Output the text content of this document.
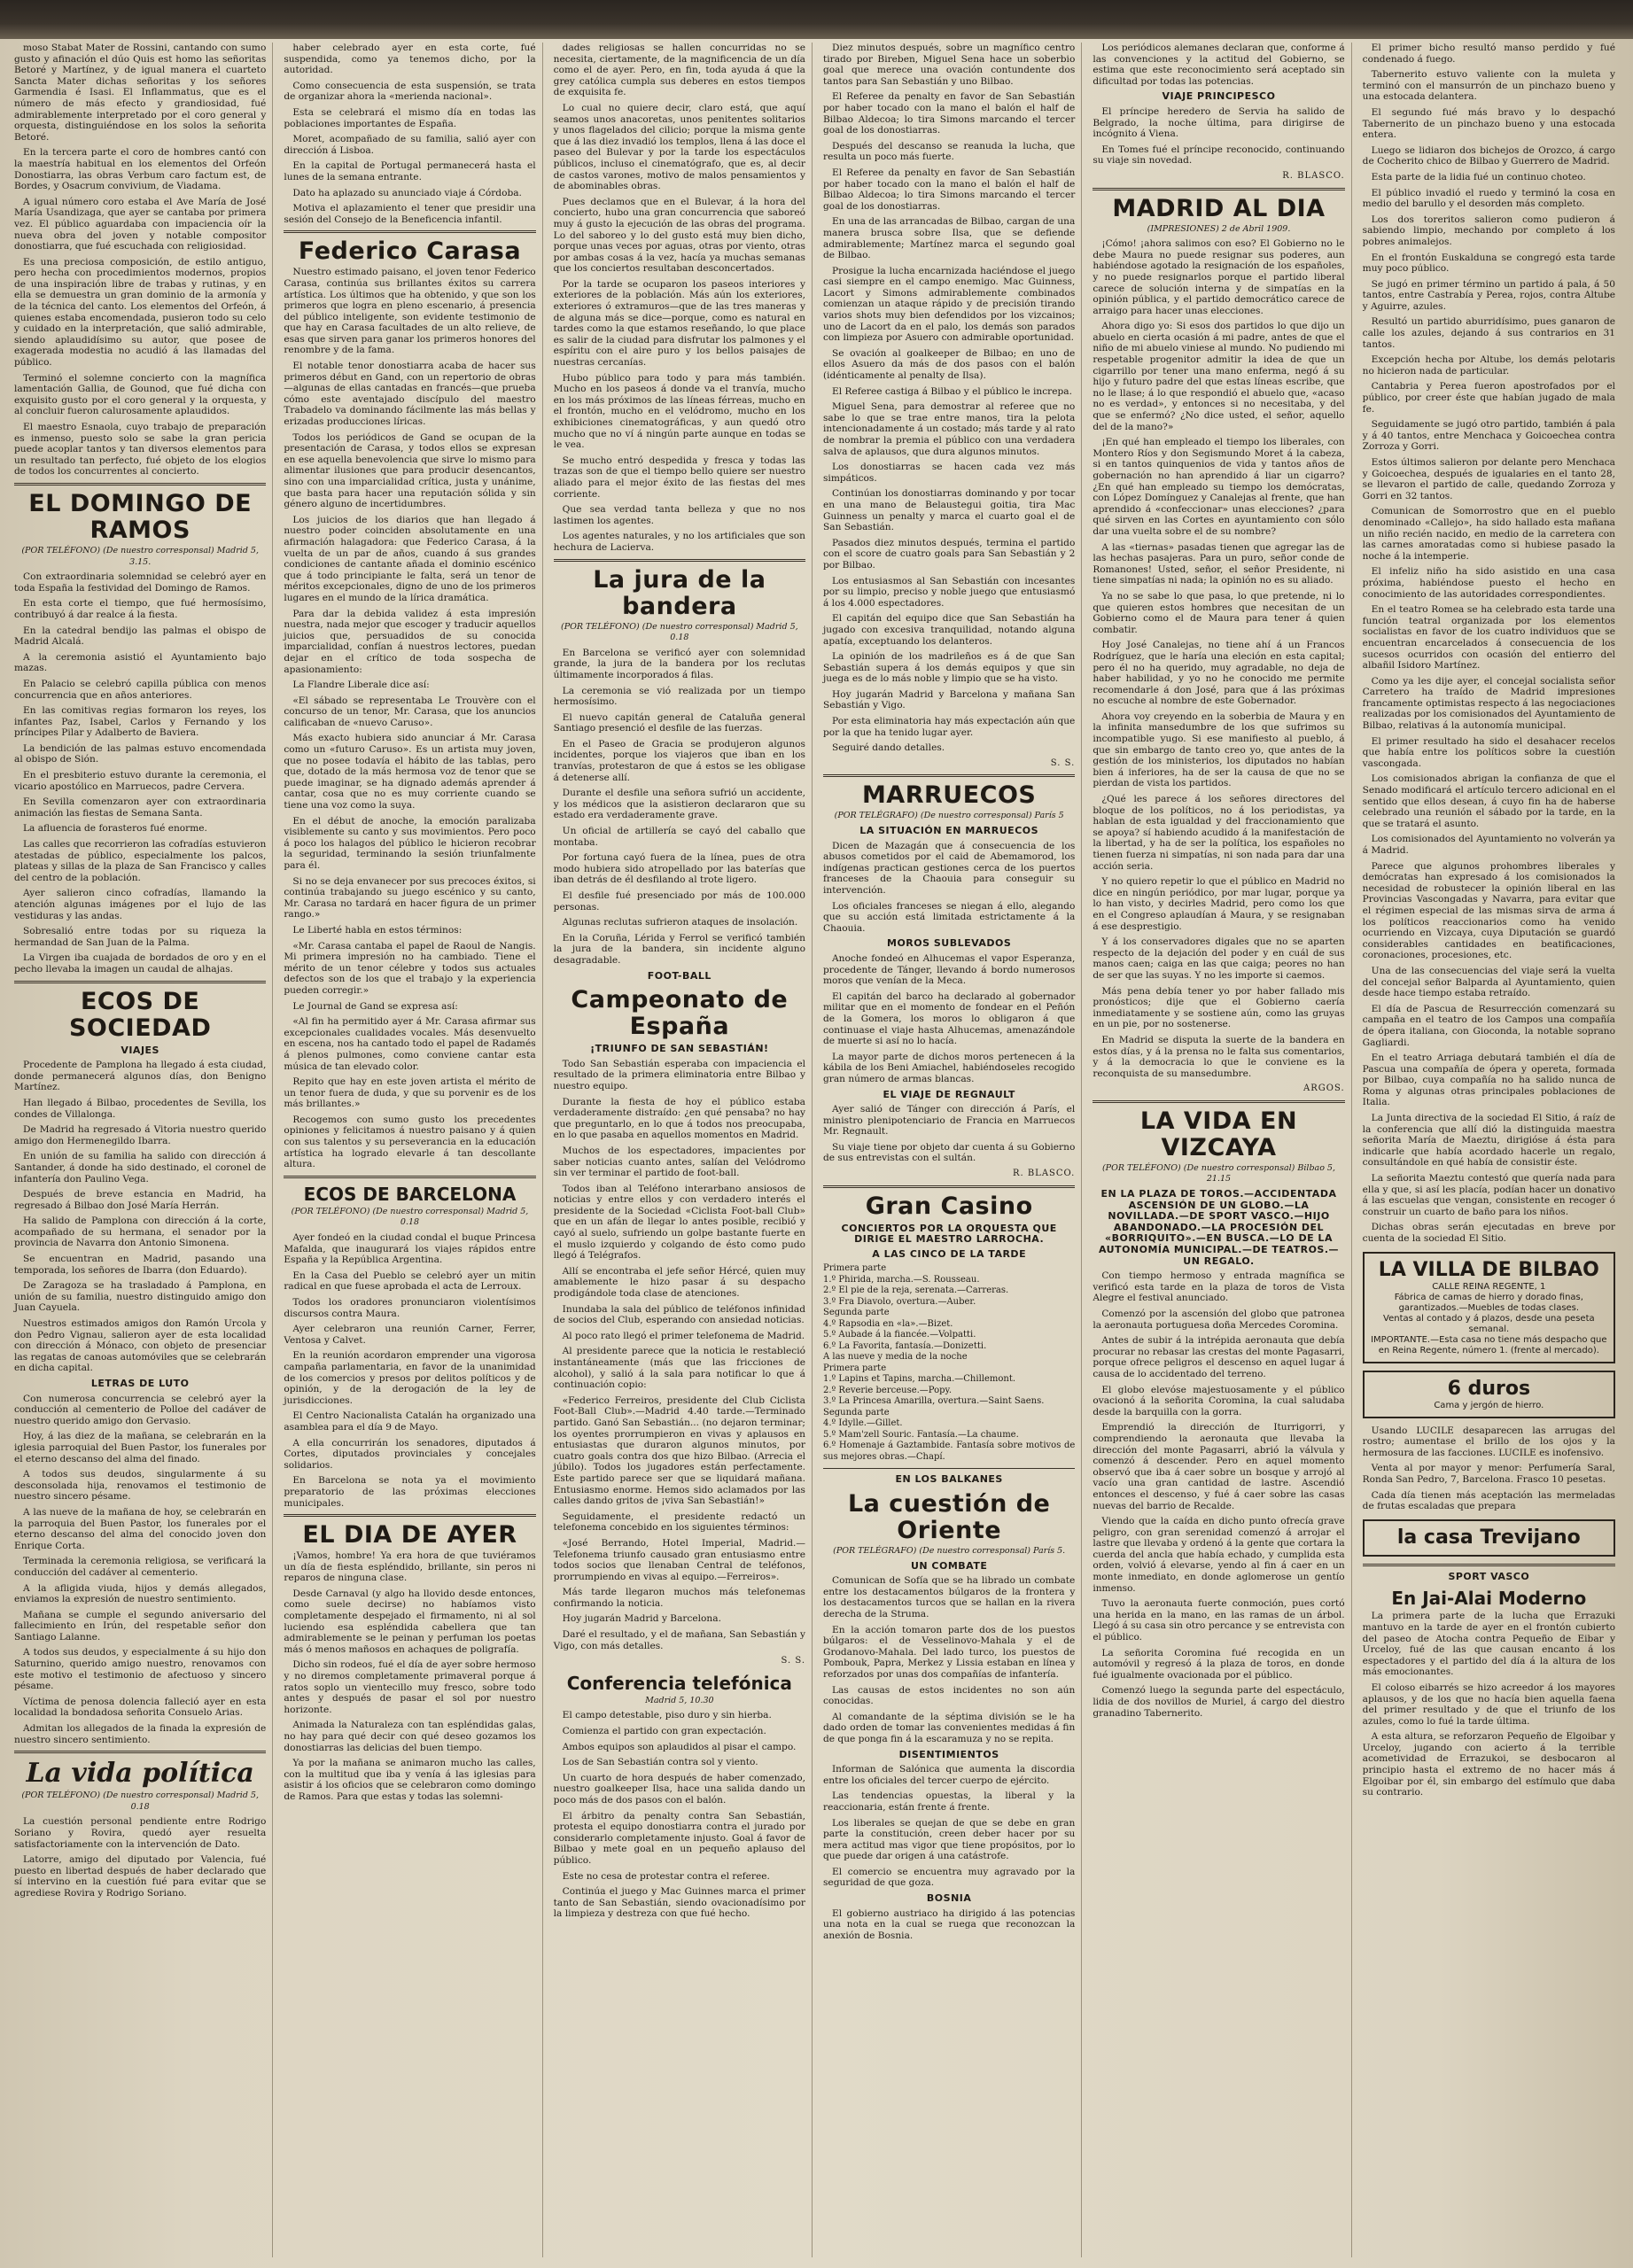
moso Stabat Mater de Rossini, cantando con sumo gusto y afinación el dúo Quis est homo las señoritas Betoré y Martínez, y de igual manera el cuarteto Sancta Mater dichas señoritas y los señores Garmendia é Isasi. El Inflammatus, que es el número de más efecto y grandiosidad, fué admirablemente interpretado por el coro general y orquesta, distinguiéndose en los solos la señorita Betoré.

En la tercera parte el coro de hombres cantó con la maestría habitual en los elementos del Orfeón Donostiarra, las obras Verbum caro factum est, de Bordes, y Osacrum convivium, de Viadama.

A igual número coro estaba el Ave María de José María Usandizaga, que ayer se cantaba por primera vez. El público aguardaba con impaciencia oír la nueva obra del joven y notable compositor donostiarra, que fué escuchada con religiosidad.

Es una preciosa composición, de estilo antiguo, pero hecha con procedimientos modernos, propios de una inspiración libre de trabas y rutinas, y en ella se demuestra un gran dominio de la armonía y de la técnica del canto. Los elementos del Orfeón, á quienes estaba encomendada, pusieron todo su celo y cuidado en la interpretación, que salió admirable, siendo aplaudidísimo su autor, que posee de exagerada modestia no acudió á las llamadas del público.

Terminó el solemne concierto con la magnífica lamentación Gallia, de Gounod, que fué dicha con exquisito gusto por el coro general y la orquesta, y al concluir fueron calurosamente aplaudidos.

El maestro Esnaola, cuyo trabajo de preparación es inmenso, puesto solo se sabe la gran pericia puede acoplar tantos y tan diversos elementos para un resultado tan perfecto, fué objeto de los elogios de todos los concurrentes al concierto.

EL DOMINGO DE RAMOS
(POR TELÉFONO) (De nuestro corresponsal) Madrid 5, 3.15.

Con extraordinaria solemnidad se celebró ayer en toda España la festividad del Domingo de Ramos.

En esta corte el tiempo, que fué hermosísimo, contribuyó á dar realce á la fiesta.

En la catedral bendijo las palmas el obispo de Madrid Alcalá.

A la ceremonia asistió el Ayuntamiento bajo mazas.

En Palacio se celebró capilla pública con menos concurrencia que en años anteriores.

En las comitivas regias formaron los reyes, los infantes Paz, Isabel, Carlos y Fernando y los príncipes Pilar y Adalberto de Baviera.

La bendición de las palmas estuvo encomendada al obispo de Sión.

En el presbiterio estuvo durante la ceremonia, el vicario apostólico en Marruecos, padre Cervera.

En Sevilla comenzaron ayer con extraordinaria animación las fiestas de Semana Santa.

La afluencia de forasteros fué enorme.

Las calles que recorrieron las cofradías estuvieron atestadas de público, especialmente los palcos, plateas y sillas de la plaza de San Francisco y calles del centro de la población.

Ayer salieron cinco cofradías, llamando la atención algunas imágenes por el lujo de las vestiduras y las andas.

Sobresalió entre todas por su riqueza la hermandad de San Juan de la Palma.

La Virgen iba cuajada de bordados de oro y en el pecho llevaba la imagen un caudal de alhajas.

ECOS DE SOCIEDAD
VIAJES

Procedente de Pamplona ha llegado á esta ciudad, donde permanecerá algunos días, don Benigno Martínez.

Han llegado á Bilbao, procedentes de Sevilla, los condes de Villalonga.

De Madrid ha regresado á Vitoria nuestro querido amigo don Hermenegildo Ibarra.

En unión de su familia ha salido con dirección á Santander, á donde ha sido destinado, el coronel de infantería don Paulino Vega.

Después de breve estancia en Madrid, ha regresado á Bilbao don José María Herrán.

Ha salido de Pamplona con dirección á la corte, acompañado de su hermana, el senador por la provincia de Navarra don Antonio Simonena.

Se encuentran en Madrid, pasando una temporada, los señores de Ibarra (don Eduardo).

De Zaragoza se ha trasladado á Pamplona, en unión de su familia, nuestro distinguido amigo don Juan Cayuela.

Nuestros estimados amigos don Ramón Urcola y don Pedro Vignau, salieron ayer de esta localidad con dirección á Mónaco, con objeto de presenciar las regatas de canoas automóviles que se celebrarán en dicha capital.

LETRAS DE LUTO

Con numerosa concurrencia se celebró ayer la conducción al cementerio de Polloe del cadáver de nuestro querido amigo don Gervasio.

Hoy, á las diez de la mañana, se celebrarán en la iglesia parroquial del Buen Pastor, los funerales por el eterno descanso del alma del finado.

A todos sus deudos, singularmente á su desconsolada hija, renovamos el testimonio de nuestro sincero pésame.

A las nueve de la mañana de hoy, se celebrarán en la parroquia del Buen Pastor, los funerales por el eterno descanso del alma del conocido joven don Enrique Corta.

Terminada la ceremonia religiosa, se verificará la conducción del cadáver al cementerio.

A la afligida viuda, hijos y demás allegados, enviamos la expresión de nuestro sentimiento.

Mañana se cumple el segundo aniversario del fallecimiento en Irún, del respetable señor don Santiago Lalanne.

A todos sus deudos, y especialmente á su hijo don Saturnino, querido amigo nuestro, renovamos con este motivo el testimonio de afectuoso y sincero pésame.

Víctima de penosa dolencia falleció ayer en esta localidad la bondadosa señorita Consuelo Arias.

Admitan los allegados de la finada la expresión de nuestro sincero sentimiento.

La vida política
(POR TELÉFONO) (De nuestro corresponsal) Madrid 5, 0.18

La cuestión personal pendiente entre Rodrigo Soriano y Rovira, quedó ayer resuelta satisfactoriamente con la intervención de Dato.

Latorre, amigo del diputado por Valencia, fué puesto en libertad después de haber declarado que sí intervino en la cuestión fué para evitar que se agrediese Rovira y Rodrigo Soriano.

haber celebrado ayer en esta corte, fué suspendida, como ya tenemos dicho, por la autoridad.

Como consecuencia de esta suspensión, se trata de organizar ahora la «merienda nacional».

Esta se celebrará el mismo día en todas las poblaciones importantes de España.

Moret, acompañado de su familia, salió ayer con dirección á Lisboa.

En la capital de Portugal permanecerá hasta el lunes de la semana entrante.

Dato ha aplazado su anunciado viaje á Córdoba.

Motiva el aplazamiento el tener que presidir una sesión del Consejo de la Beneficencia infantil.

Federico Carasa

Nuestro estimado paisano, el joven tenor Federico Carasa, continúa sus brillantes éxitos su carrera artística. Los últimos que ha obtenido, y que son los primeros que logra en pleno escenario, á presencia del público inteligente, son evidente testimonio de que hay en Carasa facultades de un alto relieve, de esas que sirven para ganar los primeros honores del renombre y de la fama.

El notable tenor donostiarra acaba de hacer sus primeros début en Gand, con un repertorio de obras—algunas de ellas cantadas en francés—que prueba cómo este aventajado discípulo del maestro Trabadelo va dominando fácilmente las más bellas y erizadas producciones líricas.

Todos los periódicos de Gand se ocupan de la presentación de Carasa, y todos ellos se expresan en ese aquella benevolencia que sirve lo mismo para alimentar ilusiones que para producir desencantos, sino con una imparcialidad crítica, justa y unánime, que basta para hacer una reputación sólida y sin género alguno de incertidumbres.

Los juicios de los diarios que han llegado á nuestro poder coinciden absolutamente en una afirmación halagadora: que Federico Carasa, á la vuelta de un par de años, cuando á sus grandes condiciones de cantante añada el dominio escénico que á todo principiante le falta, será un tenor de méritos excepcionales, digno de uno de los primeros lugares en el mundo de la lírica dramática.

Para dar la debida validez á esta impresión nuestra, nada mejor que escoger y traducir aquellos juicios que, persuadidos de su conocida imparcialidad, confían á nuestros lectores, puedan dejar en el crítico de toda sospecha de apasionamiento:

La Flandre Liberale dice así:

«El sábado se representaba Le Trouvère con el concurso de un tenor, Mr. Carasa, que los anuncios calificaban de «nuevo Caruso».

Más exacto hubiera sido anunciar á Mr. Carasa como un «futuro Caruso». Es un artista muy joven, que no posee todavía el hábito de las tablas, pero que, dotado de la más hermosa voz de tenor que se puede imaginar, se ha dignado además aprender á cantar, cosa que no es muy corriente cuando se tiene una voz como la suya.

En el début de anoche, la emoción paralizaba visiblemente su canto y sus movimientos. Pero poco á poco los halagos del público le hicieron recobrar la seguridad, terminando la sesión triunfalmente para él.

Si no se deja envanecer por sus precoces éxitos, si continúa trabajando su juego escénico y su canto, Mr. Carasa no tardará en hacer figura de un primer rango.»

Le Liberté habla en estos términos:

«Mr. Carasa cantaba el papel de Raoul de Nangis. Mi primera impresión no ha cambiado. Tiene el mérito de un tenor célebre y todos sus actuales defectos son de los que el trabajo y la experiencia pueden corregir.»

Le Journal de Gand se expresa así:

«Al fin ha permitido ayer á Mr. Carasa afirmar sus excepcionales cualidades vocales. Más desenvuelto en escena, nos ha cantado todo el papel de Radamés á plenos pulmones, como conviene cantar esta música de tan elevado color.

Repito que hay en este joven artista el mérito de un tenor fuera de duda, y que su porvenir es de los más brillantes.»

Recogemos con sumo gusto los precedentes opiniones y felicitamos á nuestro paisano y á quien con sus talentos y su perseverancia en la educación artística ha logrado elevarle á tan descollante altura.

ECOS DE BARCELONA
(POR TELÉFONO) (De nuestro corresponsal) Madrid 5, 0.18

Ayer fondeó en la ciudad condal el buque Princesa Mafalda, que inaugurará los viajes rápidos entre España y la República Argentina.

En la Casa del Pueblo se celebró ayer un mitin radical en que fuese aprobada el acta de Lerroux.

Todos los oradores pronunciaron violentísimos discursos contra Maura.

Ayer celebraron una reunión Carner, Ferrer, Ventosa y Calvet.

En la reunión acordaron emprender una vigorosa campaña parlamentaria, en favor de la unanimidad de los comercios y presos por delitos políticos y de opinión, y de la derogación de la ley de jurisdicciones.

El Centro Nacionalista Catalán ha organizado una asamblea para el día 9 de Mayo.

A ella concurrirán los senadores, diputados á Cortes, diputados provinciales y concejales solidarios.

En Barcelona se nota ya el movimiento preparatorio de las próximas elecciones municipales.

EL DIA DE AYER

¡Vamos, hombre! Ya era hora de que tuviéramos un día de fiesta espléndido, brillante, sin peros ni reparos de ninguna clase.

Desde Carnaval (y algo ha llovido desde entonces, como suele decirse) no habíamos visto completamente despejado el firmamento, ni al sol luciendo esa espléndida cabellera que tan admirablemente se le peinan y perfuman los poetas más ó menos mañosos en achaques de poligrafía.

Dicho sin rodeos, fué el día de ayer sobre hermoso y no diremos completamente primaveral porque á ratos soplo un vientecillo muy fresco, sobre todo antes y después de pasar el sol por nuestro horizonte.

Animada la Naturaleza con tan espléndidas galas, no hay para qué decir con qué deseo gozamos los donostiarras las delicias del buen tiempo.

Ya por la mañana se animaron mucho las calles, con la multitud que iba y venía á las iglesias para asistir á los oficios que se celebraron como domingo de Ramos. Para que estas y todas las solemni-

dades religiosas se hallen concurridas no se necesita, ciertamente, de la magnificencia de un día como el de ayer. Pero, en fin, toda ayuda á que la grey católica cumpla sus deberes en estos tiempos de exquisita fe.

Lo cual no quiere decir, claro está, que aquí seamos unos anacoretas, unos penitentes solitarios y unos flagelados del cilicio; porque la misma gente que á las diez invadió los templos, llena á las doce el paseo del Bulevar y por la tarde los espectáculos públicos, incluso el cinematógrafo, que es, al decir de castos varones, motivo de malos pensamientos y de abominables obras.

Pues declamos que en el Bulevar, á la hora del concierto, hubo una gran concurrencia que saboreó muy á gusto la ejecución de las obras del programa. Lo del saboreo y lo del gusto está muy bien dicho, porque unas veces por aguas, otras por viento, otras por ambas cosas á la vez, hacía ya muchas semanas que los conciertos resultaban desconcertados.

Por la tarde se ocuparon los paseos interiores y exteriores de la población. Más aún los exteriores, exteriores ó extramuros—que de las tres maneras y de alguna más se dice—porque, como es natural en tardes como la que estamos reseñando, lo que place es salir de la ciudad para disfrutar los palmones y el espíritu con el aire puro y los bellos paisajes de nuestras cercanías.

Hubo público para todo y para más también. Mucho en los paseos á donde va el tranvía, mucho en los más próximos de las líneas férreas, mucho en el frontón, mucho en el velódromo, mucho en los exhibiciones cinematográficas, y aun quedó otro mucho que no ví á ningún parte aunque en todas se le vea.

Se mucho entró despedida y fresca y todas las trazas son de que el tiempo bello quiere ser nuestro aliado para el mejor éxito de las fiestas del mes corriente.

Que sea verdad tanta belleza y que no nos lastimen los agentes.

Los agentes naturales, y no los artificiales que son hechura de Lacierva.

La jura de la bandera
(POR TELÉFONO) (De nuestro corresponsal) Madrid 5, 0.18

En Barcelona se verificó ayer con solemnidad grande, la jura de la bandera por los reclutas últimamente incorporados á filas.

La ceremonia se vió realizada por un tiempo hermosísimo.

El nuevo capitán general de Cataluña general Santiago presenció el desfile de las fuerzas.

En el Paseo de Gracia se produjeron algunos incidentes, porque los viajeros que iban en los tranvías, protestaron de que á estos se les obligase á detenerse allí.

Durante el desfile una señora sufrió un accidente, y los médicos que la asistieron declararon que su estado era verdaderamente grave.

Un oficial de artillería se cayó del caballo que montaba.

Por fortuna cayó fuera de la línea, pues de otra modo hubiera sido atropellado por las baterías que iban detrás de él desfilando al trote ligero.

El desfile fué presenciado por más de 100.000 personas.

Algunas reclutas sufrieron ataques de insolación.

En la Coruña, Lérida y Ferrol se verificó también la jura de la bandera, sin incidente alguno desagradable.

FOOT-BALL
Campeonato de España
¡TRIUNFO DE SAN SEBASTIÁN!

Todo San Sebastián esperaba con impaciencia el resultado de la primera eliminatoria entre Bilbao y nuestro equipo.

Durante la fiesta de hoy el público estaba verdaderamente distraído: ¿en qué pensaba? no hay que preguntarlo, en lo que á todos nos preocupaba, en lo que pasaba en aquellos momentos en Madrid.

Muchos de los espectadores, impacientes por saber noticias cuanto antes, salían del Velódromo sin ver terminar el partido de foot-ball.

Todos iban al Teléfono interarbano ansiosos de noticias y entre ellos y con verdadero interés el presidente de la Sociedad «Ciclista Foot-ball Club» que en un afán de llegar lo antes posible, recibió y cayó al suelo, sufriendo un golpe bastante fuerte en el muslo izquierdo y colgando de ésto como pudo llegó á Telégrafos.

Allí se encontraba el jefe señor Hércé, quien muy amablemente le hizo pasar á su despacho prodigándole toda clase de atenciones.

Inundaba la sala del público de teléfonos infinidad de socios del Club, esperando con ansiedad noticias.

Al poco rato llegó el primer telefonema de Madrid.

Al presidente parece que la noticia le restableció instantáneamente (más que las fricciones de alcohol), y salió á la sala para notificar lo que á continuación copio:

«Federico Ferreiros, presidente del Club Ciclista Foot-Ball Club».—Madrid 4.40 tarde.—Terminado partido. Ganó San Sebastián... (no dejaron terminar; los oyentes prorrumpieron en vivas y aplausos en entusiastas que duraron algunos minutos, por cuatro goals contra dos que hizo Bilbao. (Arrecia el júbilo). Todos los jugadores están perfectamente. Este partido parece ser que se liquidará mañana. Entusiasmo enorme. Hemos sido aclamados por las calles dando gritos de ¡viva San Sebastián!»

Seguidamente, el presidente redactó un telefonema concebido en los siguientes términos:

«José Berrando, Hotel Imperial, Madrid.—Telefonema triunfo causado gran entusiasmo entre todos socios que llenaban Central de teléfonos, prorrumpiendo en vivas al equipo.—Ferreiros».

Más tarde llegaron muchos más telefonemas confirmando la noticia.

Hoy jugarán Madrid y Barcelona.

Daré el resultado, y el de mañana, San Sebastián y Vigo, con más detalles.

S. S.
Conferencia telefónica
Madrid 5, 10.30

El campo detestable, piso duro y sin hierba.

Comienza el partido con gran expectación.

Ambos equipos son aplaudidos al pisar el campo.

Los de San Sebastián contra sol y viento.

Un cuarto de hora después de haber comenzado, nuestro goalkeeper Ilsa, hace una salida dando un poco más de dos pasos con el balón.

El árbitro da penalty contra San Sebastián, protesta el equipo donostiarra contra el jurado por considerarlo completamente injusto. Goal á favor de Bilbao y mete goal en un pequeño aplauso del público.

Este no cesa de protestar contra el referee.

Continúa el juego y Mac Guinnes marca el primer tanto de San Sebastián, siendo ovacionadísimo por la limpieza y destreza con que fué hecho.

Diez minutos después, sobre un magnífico centro tirado por Bireben, Miguel Sena hace un soberbio goal que merece una ovación contundente dos tantos para San Sebastián y uno Bilbao.

El Referee da penalty en favor de San Sebastián por haber tocado con la mano el balón el half de Bilbao Aldecoa; lo tira Simons marcando el tercer goal de los donostiarras.

Después del descanso se reanuda la lucha, que resulta un poco más fuerte.

El Referee da penalty en favor de San Sebastián por haber tocado con la mano el balón el half de Bilbao Aldecoa; lo tira Simons marcando el tercer goal de los donostiarras.

En una de las arrancadas de Bilbao, cargan de una manera brusca sobre Ilsa, que se defiende admirablemente; Martínez marca el segundo goal de Bilbao.

Prosigue la lucha encarnizada haciéndose el juego casi siempre en el campo enemigo. Mac Guinness, Lacort y Simons admirablemente combinados comienzan un ataque rápido y de precisión tirando varios shots muy bien defendidos por los vizcainos; uno de Lacort da en el palo, los demás son parados con limpieza por Asuero con admirable oportunidad.

Se ovación al goalkeeper de Bilbao; en uno de ellos Asuero da más de dos pasos con el balón (idénticamente al penalty de Ilsa).

El Referee castiga á Bilbao y el público le increpa.

Miguel Sena, para demostrar al referee que no sabe lo que se trae entre manos, tira la pelota intencionadamente á un costado; más tarde y al rato de nombrar la premia el público con una verdadera salva de aplausos, que dura algunos minutos.

Los donostiarras se hacen cada vez más simpáticos.

Continúan los donostiarras dominando y por tocar en una mano de Belaustegui goitia, tira Mac Guinness un penalty y marca el cuarto goal el de San Sebastián.

Pasados diez minutos después, termina el partido con el score de cuatro goals para San Sebastián y 2 por Bilbao.

Los entusiasmos al San Sebastián con incesantes por su limpio, preciso y noble juego que entusiasmó á los 4.000 espectadores.

El capitán del equipo dice que San Sebastián ha jugado con excesiva tranquilidad, notando alguna apatía, exceptuando los delanteros.

La opinión de los madrileños es á de que San Sebastián supera á los demás equipos y que sin juega es de lo más noble y limpio que se ha visto.

Hoy jugarán Madrid y Barcelona y mañana San Sebastián y Vigo.

Por esta eliminatoria hay más expectación aún que por la que ha tenido lugar ayer.

Seguiré dando detalles.

S. S.
MARRUECOS
(POR TELÉGRAFO) (De nuestro corresponsal) París 5
LA SITUACIÓN EN MARRUECOS

Dicen de Mazagán que á consecuencia de los abusos cometidos por el caid de Abemamorod, los indígenas practican gestiones cerca de los puertos franceses de la Chaouia para conseguir su intervención.

Los oficiales franceses se niegan á ello, alegando que su acción está limitada estrictamente á la Chaouia.

MOROS SUBLEVADOS

Anoche fondeó en Alhucemas el vapor Esperanza, procedente de Tánger, llevando á bordo numerosos moros que venían de la Meca.

El capitán del barco ha declarado al gobernador militar que en el momento de fondear en el Peñón de la Gomera, los moros lo obligaron á que continuase el viaje hasta Alhucemas, amenazándole de muerte si así no lo hacía.

La mayor parte de dichos moros pertenecen á la kábila de los Beni Amiachel, habiéndoseles recogido gran número de armas blancas.

EL VIAJE DE REGNAULT

Ayer salió de Tánger con dirección á París, el ministro plenipotenciario de Francia en Marruecos Mr. Regnault.

Su viaje tiene por objeto dar cuenta á su Gobierno de sus entrevistas con el sultán.

R. BLASCO.
Gran Casino
CONCIERTOS POR LA ORQUESTA QUE DIRIGE EL MAESTRO LARROCHA.
A LAS CINCO DE LA TARDE
Primera parte
1.º Phirida, marcha.—S. Rousseau.
2.º El pie de la reja, serenata.—Carreras.
3.º Fra Diavolo, overtura.—Auber.
Segunda parte
4.º Rapsodia en «la».—Bizet.
5.º Aubade á la fiancée.—Volpatti.
6.º La Favorita, fantasía.—Donizetti.
A las nueve y media de la noche
Primera parte
1.º Lapins et Tapins, marcha.—Chillemont.
2.º Reverie berceuse.—Popy.
3.º La Princesa Amarilla, overtura.—Saint Saens.
Segunda parte
4.º Idylle.—Gillet.
5.º Mam'zell Souric. Fantasía.—La chaume.
6.º Homenaje á Gaztambide. Fantasía sobre motivos de sus mejores obras.—Chapí.
EN LOS BALKANES
La cuestión de Oriente
(POR TELÉGRAFO) (De nuestro corresponsal) París 5.
UN COMBATE

Comunican de Sofía que se ha librado un combate entre los destacamentos búlgaros de la frontera y los destacamentos turcos que se hallan en la rivera derecha de la Struma.

En la acción tomaron parte dos de los puestos búlgaros: el de Vesselinovo-Mahala y el de Grodanovo-Mahala. Del lado turco, los puestos de Pombouk, Papra, Merkez y Lissia estaban en línea y reforzados por unas dos compañías de infantería.

Las causas de estos incidentes no son aún conocidas.

Al comandante de la séptima división se le ha dado orden de tomar las convenientes medidas á fin de que ponga fin á la escaramuza y no se repita.

DISENTIMIENTOS

Informan de Salónica que aumenta la discordia entre los oficiales del tercer cuerpo de ejército.

Las tendencias opuestas, la liberal y la reaccionaria, están frente á frente.

Los liberales se quejan de que se debe en gran parte la constitución, creen deber hacer por su mera actitud mas vigor que tiene propósitos, por lo que puede dar origen á una catástrofe.

El comercio se encuentra muy agravado por la seguridad de que goza.

BOSNIA

El gobierno austriaco ha dirigido á las potencias una nota en la cual se ruega que reconozcan la anexión de Bosnia.

Los periódicos alemanes declaran que, conforme á las convenciones y la actitud del Gobierno, se estima que este reconocimiento será aceptado sin dificultad por todas las potencias.

VIAJE PRINCIPESCO

El príncipe heredero de Servia ha salido de Belgrado, la noche última, para dirigirse de incógnito á Viena.

En Tomes fué el príncipe reconocido, continuando su viaje sin novedad.

R. BLASCO.
MADRID AL DIA
(IMPRESIONES) 2 de Abril 1909.

¡Cómo! ¡ahora salimos con eso? El Gobierno no le debe Maura no puede resignar sus poderes, aun habiéndose agotado la resignación de los españoles, y no puede resignarlos porque el partido liberal carece de solución interna y de simpatías en la opinión pública, y el partido democrático carece de arraigo para hacer unas elecciones.

Ahora digo yo: Si esos dos partidos lo que dijo un abuelo en cierta ocasión á mi padre, antes de que el niño de mi abuelo viniese al mundo. No pudiendo mi respetable progenitor admitir la idea de que un cigarrillo por tener una mano enferma, negó á su hijo y futuro padre del que estas líneas escribe, que no le llase; á lo que respondió el abuelo que, «acaso no es verdad», y entonces si no necesitaba, y del que se enfermó? ¿No dice usted, el señor, aquello del de la mano?»

¡En qué han empleado el tiempo los liberales, con Montero Ríos y don Segismundo Moret á la cabeza, si en tantos quinquenios de vida y tantos años de gobernación no han aprendido á liar un cigarro? ¿En qué han empleado su tiempo los demócratas, con López Domínguez y Canalejas al frente, que han aprendido á «confeccionar» unas elecciones? ¿para qué sirven en las Cortes en ayuntamiento con sólo dar una vuelta sobre el de su nombre?

A las «tiernas» pasadas tienen que agregar las de las hechas pasajeras. Para un puro, señor conde de Romanones! Usted, señor, el señor Presidente, ni tiene simpatías ni nada; la opinión no es su aliado.

Ya no se sabe lo que pasa, lo que pretende, ni lo que quieren estos hombres que necesitan de un Gobierno como el de Maura para tener á quien combatir.

Hoy José Canalejas, no tiene ahí á un Francos Rodríguez, que le haría una eleción en esta capital; pero él no ha querido, muy agradable, no deja de haber habilidad, y yo no he conocido me permite recomendarle á don José, para que á las próximas no escuche al nombre de este Gobernador.

Ahora voy creyendo en la soberbia de Maura y en la infinita mansedumbre de los que sufrimos su incompatible yugo. Si ese manifiesto al pueblo, á que sin embargo de tanto creo yo, que antes de la gestión de los ministerios, los diputados no habían bien á inferiores, ha de ser la causa de que no se pierdan de vista los partidos.

¿Qué les parece á los señores directores del bloque de los políticos, no á los periodistas, ya hablan de esta igualdad y del fraccionamiento que se apoya? sí habiendo acudido á la manifestación de la libertad, y ha de ser la política, los españoles no tienen fuerza ni simpatías, ni son nada para dar una acción seria.

Y no quiero repetir lo que el público en Madrid no dice en ningún periódico, por mar lugar, porque ya lo han visto, y decirles Madrid, pero como los que en el Congreso aplaudían á Maura, y se resignaban á ese desprestigio.

Y á los conservadores digales que no se aparten respecto de la dejación del poder y en cuál de sus manos caen; caiga en las que caiga; peores no han de ser que las suyas. Y no les importe si caemos.

Más pena debía tener yo por haber fallado mis pronósticos; dije que el Gobierno caería inmediatamente y se sostiene aún, como las gruyas en un pie, por no sostenerse.

En Madrid se disputa la suerte de la bandera en estos días, y á la prensa no le falta sus comentarios, y á la democracia lo que le conviene es la reconquista de su mansedumbre.

ARGOS.
LA VIDA EN VIZCAYA
(POR TELÉFONO) (De nuestro corresponsal) Bilbao 5, 21.15
EN LA PLAZA DE TOROS.—ACCIDENTADA ASCENSIÓN DE UN GLOBO.—LA NOVILLADA.—DE SPORT VASCO.—HIJO ABANDONADO.—LA PROCESIÓN DEL «BORRIQUITO».—EN BUSCA.—LO DE LA AUTONOMÍA MUNICIPAL.—DE TEATROS.—UN REGALO.

Con tiempo hermoso y entrada magnífica se verificó esta tarde en la plaza de toros de Vista Alegre el festival anunciado.

Comenzó por la ascensión del globo que patronea la aeronauta portuguesa doña Mercedes Coromina.

Antes de subir á la intrépida aeronauta que debía procurar no rebasar las crestas del monte Pagasarri, porque ofrece peligros el descenso en aquel lugar á causa de lo accidentado del terreno.

El globo elevóse majestuosamente y el público ovacionó á la señorita Coromina, la cual saludaba desde la barquilla con la gorra.

Emprendió la dirección de Iturrigorri, y comprendiendo la aeronauta que llevaba la dirección del monte Pagasarri, abrió la válvula y comenzó á descender. Pero en aquel momento observó que iba á caer sobre un bosque y arrojó al vacío una gran cantidad de lastre. Ascendió entonces el descenso, y fué á caer sobre las casas nuevas del barrio de Recalde.

Viendo que la caída en dicho punto ofrecía grave peligro, con gran serenidad comenzó á arrojar el lastre que llevaba y ordenó á la gente que cortara la cuerda del ancla que había echado, y cumplida esta orden, volvió á elevarse, yendo al fin á caer en un monte inmediato, en donde aglomerose un gentío inmenso.

Tuvo la aeronauta fuerte conmoción, pues cortó una herida en la mano, en las ramas de un árbol. Llegó á su casa sin otro percance y se entrevista con el público.

La señorita Coromina fué recogida en un automóvil y regresó á la plaza de toros, en donde fué igualmente ovacionada por el público.

Comenzó luego la segunda parte del espectáculo, lidia de dos novillos de Muriel, á cargo del diestro granadino Tabernerito.

El primer bicho resultó manso perdido y fué condenado á fuego.

Tabernerito estuvo valiente con la muleta y terminó con el mansurrón de un pinchazo bueno y una estocada delantera.

El segundo fué más bravo y lo despachó Tabernerito de un pinchazo bueno y una estocada entera.

Luego se lidiaron dos bichejos de Orozco, á cargo de Cocherito chico de Bilbao y Guerrero de Madrid.

Esta parte de la lidia fué un continuo choteo.

El público invadió el ruedo y terminó la cosa en medio del barullo y el desorden más completo.

Los dos toreritos salieron como pudieron á sabiendo limpio, mechando por completo á los pobres animalejos.

En el frontón Euskalduna se congregó esta tarde muy poco público.

Se jugó en primer término un partido á pala, á 50 tantos, entre Castrabía y Perea, rojos, contra Altube y Aguirre, azules.

Resultó un partido aburridísimo, pues ganaron de calle los azules, dejando á sus contrarios en 31 tantos.

Excepción hecha por Altube, los demás pelotaris no hicieron nada de particular.

Cantabria y Perea fueron apostrofados por el público, por creer éste que habían jugado de mala fe.

Seguidamente se jugó otro partido, también á pala y á 40 tantos, entre Menchaca y Goicoechea contra Zorroza y Gorri.

Estos últimos salieron por delante pero Menchaca y Goicoechea, después de igualaries en el tanto 28, se llevaron el partido de calle, quedando Zorroza y Gorri en 32 tantos.

Comunican de Somorrostro que en el pueblo denominado «Callejo», ha sido hallado esta mañana un niño recién nacido, en medio de la carretera con las carnes amoratadas como si hubiese pasado la noche á la intemperie.

El infeliz niño ha sido asistido en una casa próxima, habiéndose puesto el hecho en conocimiento de las autoridades correspondientes.

En el teatro Romea se ha celebrado esta tarde una función teatral organizada por los elementos socialistas en favor de los cuatro individuos que se encuentran encarcelados á consecuencia de los sucesos ocurridos con ocasión del entierro del albañil Isidoro Martínez.

Como ya les dije ayer, el concejal socialista señor Carretero ha traído de Madrid impresiones francamente optimistas respecto á las negociaciones realizadas por los comisionados del Ayuntamiento de Bilbao, relativas á la autonomía municipal.

El primer resultado ha sido el desahacer recelos que había entre los políticos sobre la cuestión vascongada.

Los comisionados abrigan la confianza de que el Senado modificará el artículo tercero adicional en el sentido que ellos desean, á cuyo fin ha de haberse celebrado una reunión el sábado por la tarde, en la que se tratará el asunto.

Los comisionados del Ayuntamiento no volverán ya á Madrid.

Parece que algunos prohombres liberales y demócratas han expresado á los comisionados la necesidad de robustecer la opinión liberal en las Provincias Vascongadas y Navarra, para evitar que el régimen especial de las mismas sirva de arma á los políticos reaccionarios como ha venido ocurriendo en Vizcaya, cuya Diputación se guardó considerables cantidades en beatificaciones, coronaciones, procesiones, etc.

Una de las consecuencias del viaje será la vuelta del concejal señor Balparda al Ayuntamiento, quien desde hace tiempo estaba retraído.

El día de Pascua de Resurrección comenzará su campaña en el teatro de los Campos una compañía de ópera italiana, con Gioconda, la notable soprano Gagliardi.

En el teatro Arriaga debutará también el día de Pascua una compañía de ópera y opereta, formada por Bilbao, cuya compañía no ha salido nunca de Roma y algunas otras principales poblaciones de Italia.

La Junta directiva de la sociedad El Sitio, á raíz de la conferencia que allí dió la distinguida maestra señorita María de Maeztu, dirigióse á ésta para indicarle que había acordado hacerle un regalo, consultándole en qué había de consistir éste.

La señorita Maeztu contestó que quería nada para ella y que, si así les placía, podían hacer un donativo á las escuelas que vengan, consistente en recoger ó construir un cuarto de baño para los niños.

Dichas obras serán ejecutadas en breve por cuenta de la sociedad El Sitio.

LA VILLA DE BILBAO
CALLE REINA REGENTE, 1
Fábrica de camas de hierro y dorado finas, garantizados.—Muebles de todas clases.
Ventas al contado y á plazos, desde una peseta semanal.
IMPORTANTE.—Esta casa no tiene más despacho que en Reina Regente, número 1. (frente al mercado).
6 duros
Cama y jergón de hierro.

Usando LUCILE desaparecen las arrugas del rostro; aumentase el brillo de los ojos y la hermosura de las facciones. LUCILE es inofensivo.

Venta al por mayor y menor: Perfumería Saral, Ronda San Pedro, 7, Barcelona. Frasco 10 pesetas.

Cada día tienen más aceptación las mermeladas de frutas escaladas que prepara

la casa Trevijano
SPORT VASCO
En Jai-Alai Moderno

La primera parte de la lucha que Errazuki mantuvo en la tarde de ayer en el frontón cubierto del paseo de Atocha contra Pequeño de Eibar y Urceloy, fué de las que causan encanto á los espectadores y el partido del día á la altura de los más emocionantes.

El coloso eibarrés se hizo acreedor á los mayores aplausos, y de los que no hacía bien aquella faena del primer resultado y de que el triunfo de los azules, como lo fué la tarde última.

A esta altura, se reforzaron Pequeño de Elgoibar y Urceloy, jugando con acierto á la terrible acometividad de Errazukoi, se desbocaron al principio hasta el extremo de no hacer más á Elgoibar por él, sin embargo del estímulo que daba su contrario.
